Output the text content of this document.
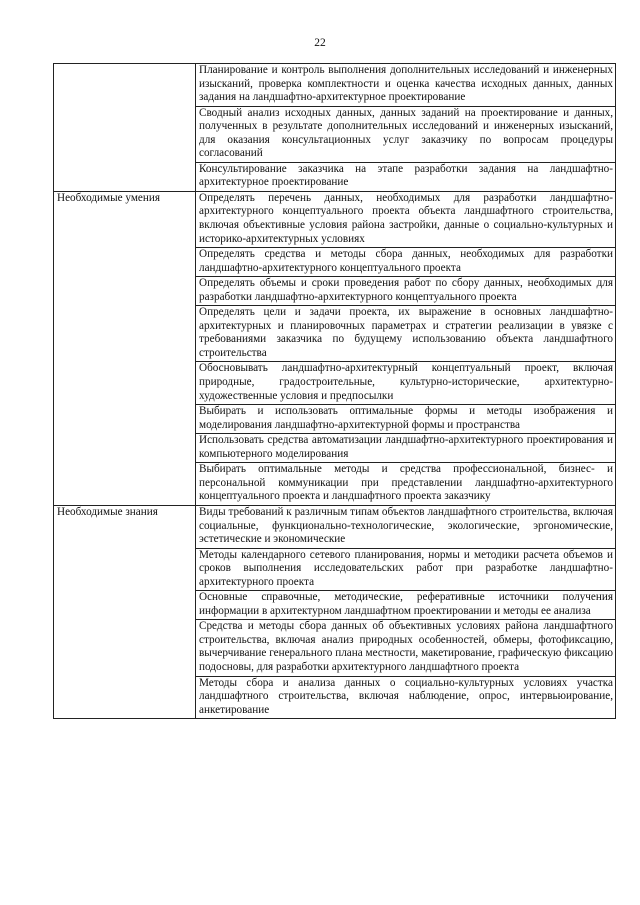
22
	Планирование и контроль выполнения дополнительных исследований и инженерных изысканий, проверка комплектности и оценка качества исходных данных, данных задания на ландшафтно-архитектурное проектирование
	Сводный анализ исходных данных, данных заданий на проектирование и данных, полученных в результате дополнительных исследований и инженерных изысканий, для оказания консультационных услуг заказчику по вопросам процедуры согласований
	Консультирование заказчика на этапе разработки задания на ландшафтно-архитектурное проектирование
Необходимые умения	Определять перечень данных, необходимых для разработки ландшафтно-архитектурного концептуального проекта объекта ландшафтного строительства, включая объективные условия района застройки, данные о социально-культурных и историко-архитектурных условиях
	Определять средства и методы сбора данных, необходимых для разработки ландшафтно-архитектурного концептуального проекта
	Определять объемы и сроки проведения работ по сбору данных, необходимых для разработки ландшафтно-архитектурного концептуального проекта
	Определять цели и задачи проекта, их выражение в основных ландшафтно-архитектурных и планировочных параметрах и стратегии реализации в увязке с требованиями заказчика по будущему использованию объекта ландшафтного строительства
	Обосновывать ландшафтно-архитектурный концептуальный проект, включая природные, градостроительные, культурно-исторические, архитектурно-художественные условия и предпосылки
	Выбирать и использовать оптимальные формы и методы изображения и моделирования ландшафтно-архитектурной формы и пространства
	Использовать средства автоматизации ландшафтно-архитектурного проектирования и компьютерного моделирования
	Выбирать оптимальные методы и средства профессиональной, бизнес- и персональной коммуникации при представлении ландшафтно-архитектурного концептуального проекта и ландшафтного проекта заказчику
Необходимые знания	Виды требований к различным типам объектов ландшафтного строительства, включая социальные, функционально-технологические, экологические, эргономические, эстетические и экономические
	Методы календарного сетевого планирования, нормы и методики расчета объемов и сроков выполнения исследовательских работ при разработке ландшафтно-архитектурного проекта
	Основные справочные, методические, реферативные источники получения информации в архитектурном ландшафтном проектировании и методы ее анализа
	Средства и методы сбора данных об объективных условиях района ландшафтного строительства, включая анализ природных особенностей, обмеры, фотофиксацию, вычерчивание генерального плана местности, макетирование, графическую фиксацию подосновы, для разработки архитектурного ландшафтного проекта
	Методы сбора и анализа данных о социально-культурных условиях участка ландшафтного строительства, включая наблюдение, опрос, интервьюирование, анкетирование
